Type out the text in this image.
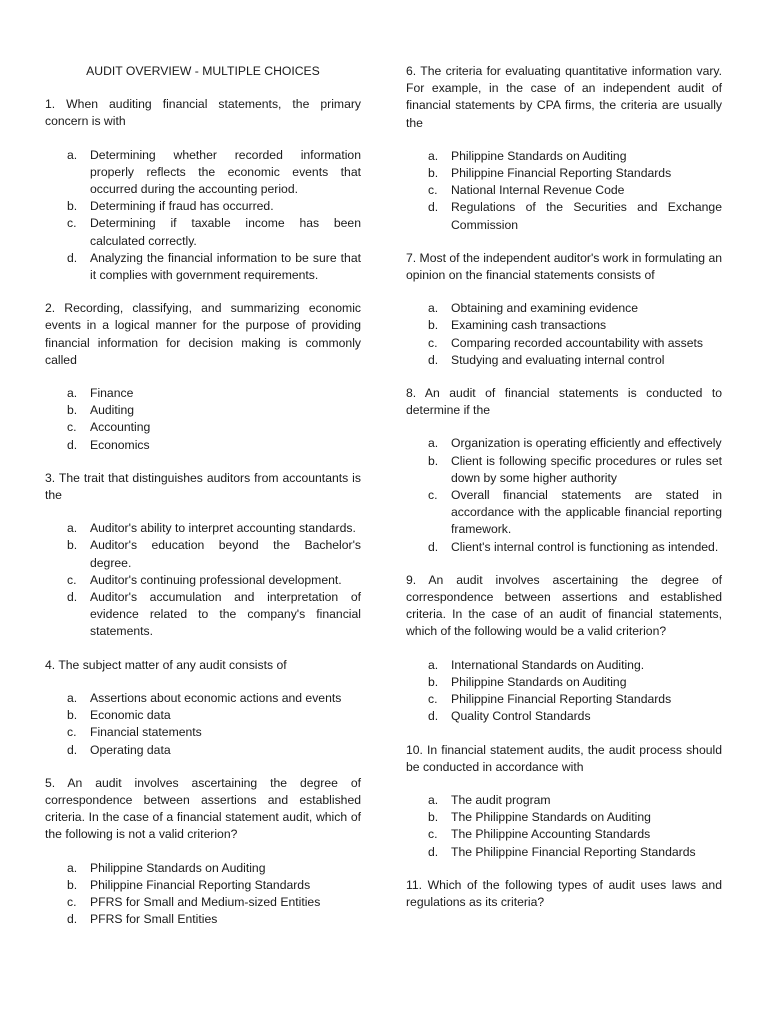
AUDIT OVERVIEW - MULTIPLE CHOICES

1. When auditing financial statements, the primary concern is with

a. Determining whether recorded information properly reflects the economic events that occurred during the accounting period.
b. Determining if fraud has occurred.
c. Determining if taxable income has been calculated correctly.
d. Analyzing the financial information to be sure that it complies with government requirements.

2. Recording, classifying, and summarizing economic events in a logical manner for the purpose of providing financial information for decision making is commonly called

a. Finance
b. Auditing
c. Accounting
d. Economics

3. The trait that distinguishes auditors from accountants is the

a. Auditor's ability to interpret accounting standards.
b. Auditor's education beyond the Bachelor's degree.
c. Auditor's continuing professional development.
d. Auditor's accumulation and interpretation of evidence related to the company's financial statements.

4. The subject matter of any audit consists of

a. Assertions about economic actions and events
b. Economic data
c. Financial statements
d. Operating data

5. An audit involves ascertaining the degree of correspondence between assertions and established criteria. In the case of a financial statement audit, which of the following is not a valid criterion?

a. Philippine Standards on Auditing
b. Philippine Financial Reporting Standards
c. PFRS for Small and Medium-sized Entities
d. PFRS for Small Entities

6. The criteria for evaluating quantitative information vary. For example, in the case of an independent audit of financial statements by CPA firms, the criteria are usually the

a. Philippine Standards on Auditing
b. Philippine Financial Reporting Standards
c. National Internal Revenue Code
d. Regulations of the Securities and Exchange Commission

7. Most of the independent auditor's work in formulating an opinion on the financial statements consists of

a. Obtaining and examining evidence
b. Examining cash transactions
c. Comparing recorded accountability with assets
d. Studying and evaluating internal control

8. An audit of financial statements is conducted to determine if the

a. Organization is operating efficiently and effectively
b. Client is following specific procedures or rules set down by some higher authority
c. Overall financial statements are stated in accordance with the applicable financial reporting framework.
d. Client's internal control is functioning as intended.

9. An audit involves ascertaining the degree of correspondence between assertions and established criteria. In the case of an audit of financial statements, which of the following would be a valid criterion?

a. International Standards on Auditing.
b. Philippine Standards on Auditing
c. Philippine Financial Reporting Standards
d. Quality Control Standards

10. In financial statement audits, the audit process should be conducted in accordance with

a. The audit program
b. The Philippine Standards on Auditing
c. The Philippine Accounting Standards
d. The Philippine Financial Reporting Standards

11. Which of the following types of audit uses laws and regulations as its criteria?
